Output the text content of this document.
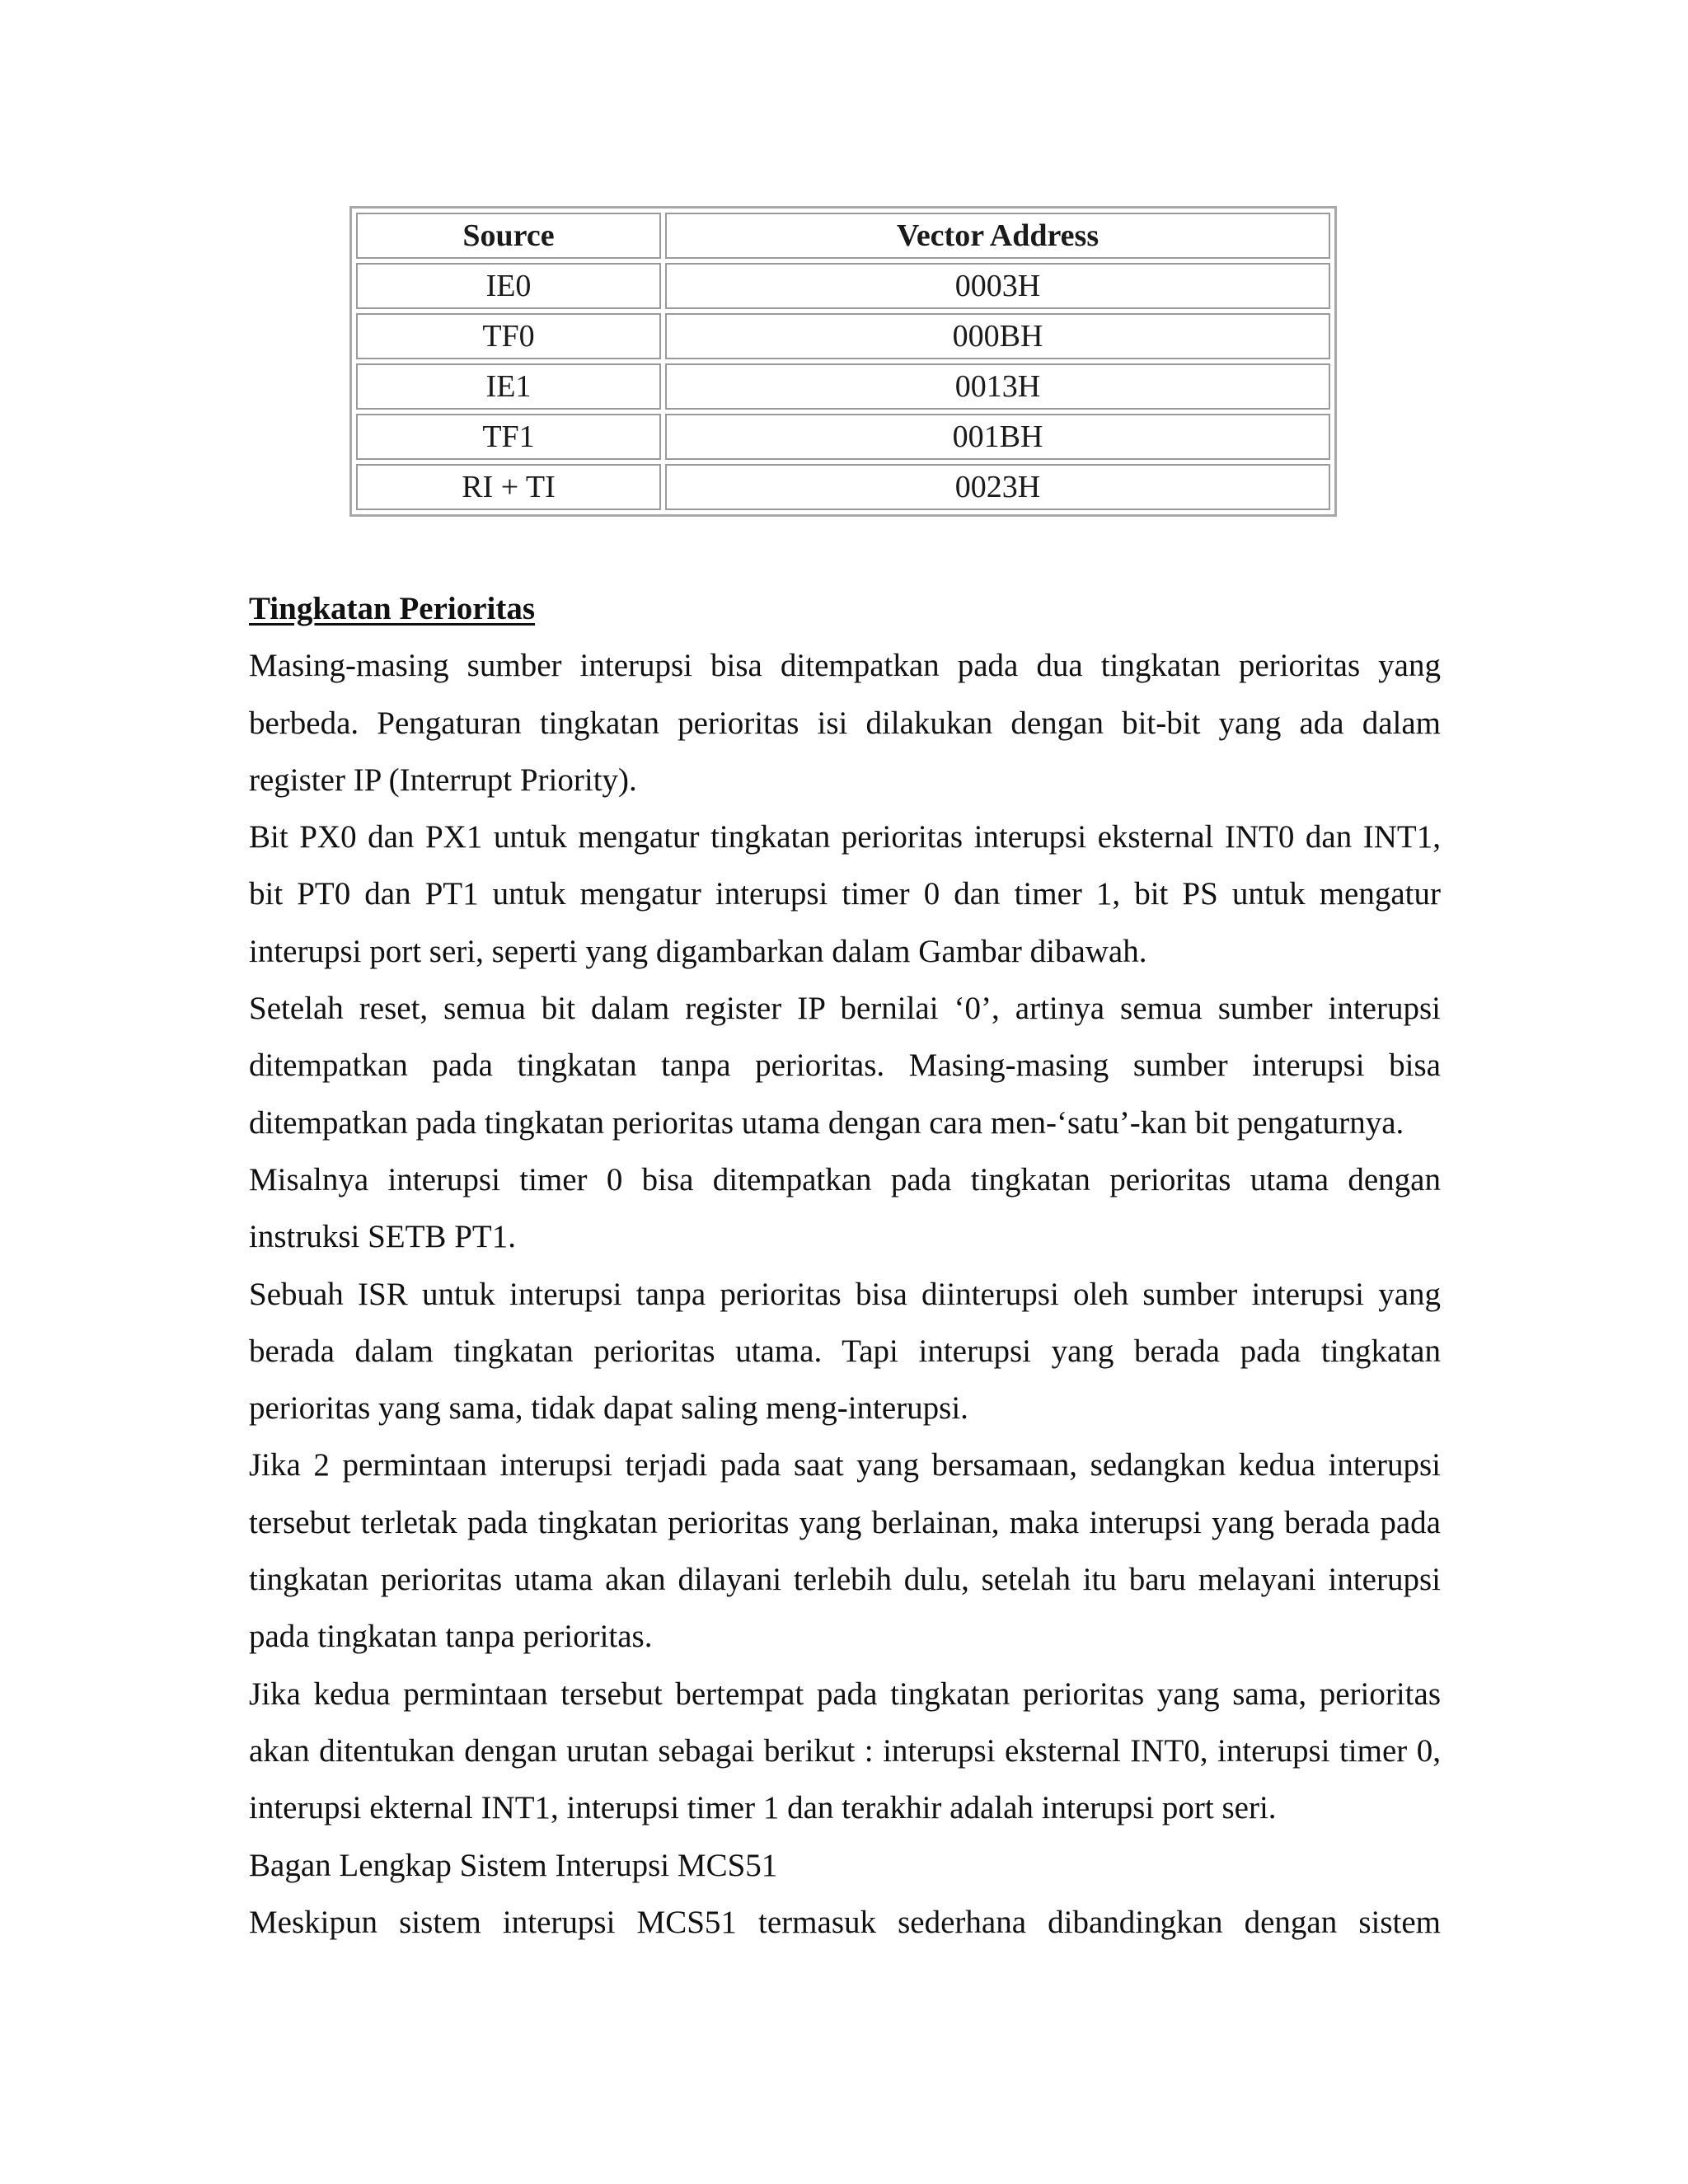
Source	Vector Address
IE0	0003H
TF0	000BH
IE1	0013H
TF1	001BH
RI + TI	0023H

Tingkatan Perioritas

Masing-masing sumber interupsi bisa ditempatkan pada dua tingkatan perioritas yang berbeda. Pengaturan tingkatan perioritas isi dilakukan dengan bit-bit yang ada dalam register IP (Interrupt Priority).

Bit PX0 dan PX1 untuk mengatur tingkatan perioritas interupsi eksternal INT0 dan INT1, bit PT0 dan PT1 untuk mengatur interupsi timer 0 dan timer 1, bit PS untuk mengatur interupsi port seri, seperti yang digambarkan dalam Gambar dibawah.

Setelah reset, semua bit dalam register IP bernilai ‘0’, artinya semua sumber interupsi ditempatkan pada tingkatan tanpa perioritas. Masing-masing sumber interupsi bisa ditempatkan pada tingkatan perioritas utama dengan cara men-‘satu’-kan bit pengaturnya.

Misalnya interupsi timer 0 bisa ditempatkan pada tingkatan perioritas utama dengan instruksi SETB PT1.

Sebuah ISR untuk interupsi tanpa perioritas bisa diinterupsi oleh sumber interupsi yang berada dalam tingkatan perioritas utama. Tapi interupsi yang berada pada tingkatan perioritas yang sama, tidak dapat saling meng-interupsi.

Jika 2 permintaan interupsi terjadi pada saat yang bersamaan, sedangkan kedua interupsi tersebut terletak pada tingkatan perioritas yang berlainan, maka interupsi yang berada pada tingkatan perioritas utama akan dilayani terlebih dulu, setelah itu baru melayani interupsi pada tingkatan tanpa perioritas.

Jika kedua permintaan tersebut bertempat pada tingkatan perioritas yang sama, perioritas akan ditentukan dengan urutan sebagai berikut : interupsi eksternal INT0, interupsi timer 0, interupsi ekternal INT1, interupsi timer 1 dan terakhir adalah interupsi port seri.

Bagan Lengkap Sistem Interupsi MCS51

Meskipun sistem interupsi MCS51 termasuk sederhana dibandingkan dengan sistem
